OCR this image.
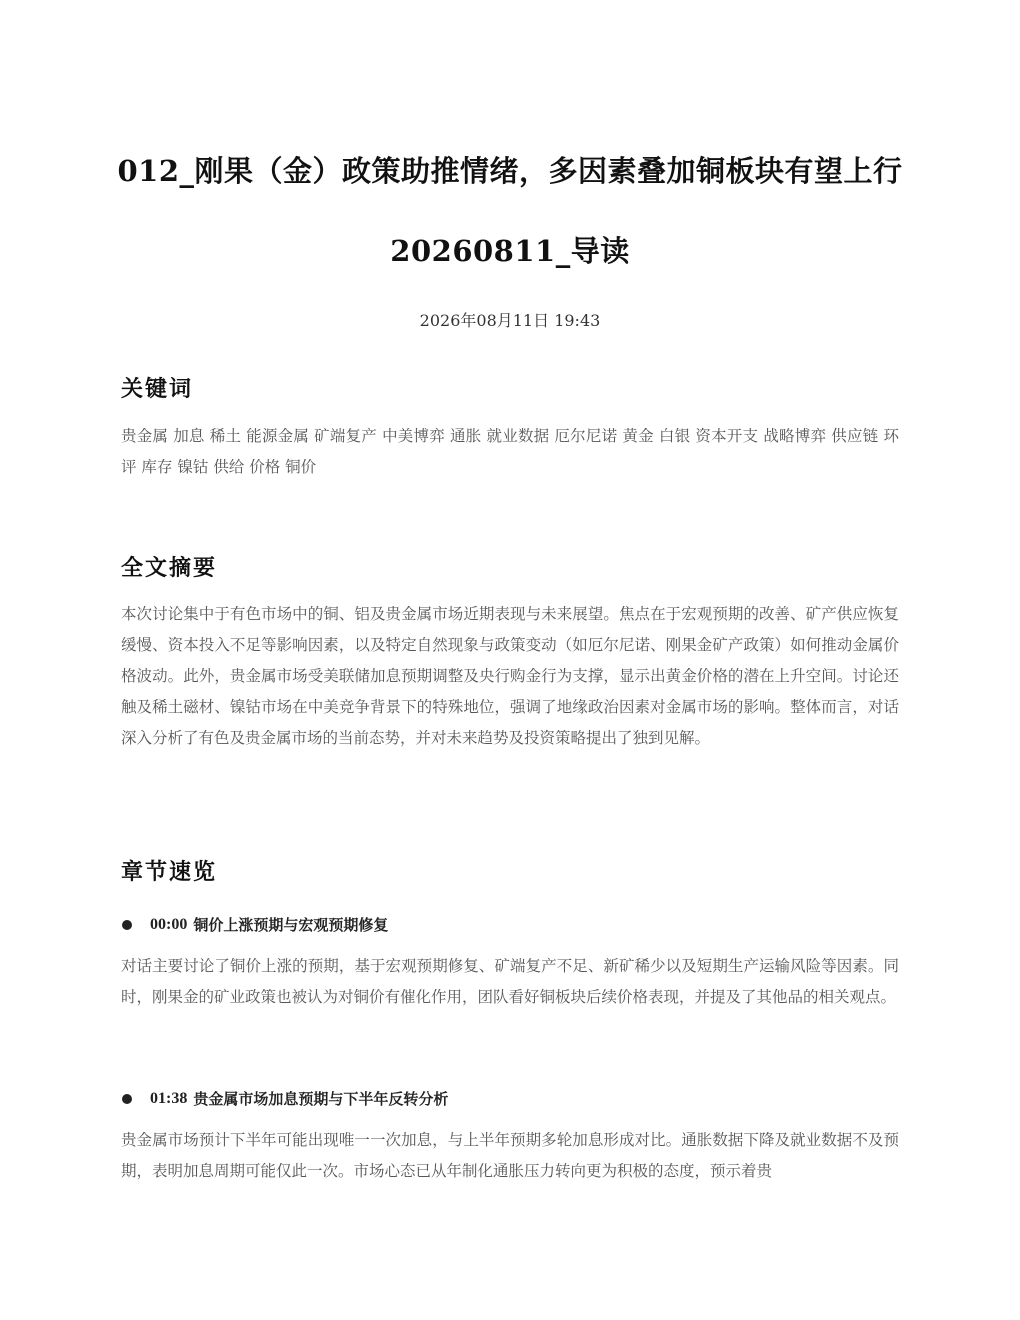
012_刚果（金）政策助推情绪，多因素叠加铜板块有望上行
20260811_导读
2026年08月11日 19:43
关键词

贵金属 加息 稀土 能源金属 矿端复产 中美博弈 通胀 就业数据 厄尔尼诺 黄金 白银 资本开支 战略博弈 供应链 环评 库存 镍钴 供给 价格 铜价

全文摘要

本次讨论集中于有色市场中的铜、铝及贵金属市场近期表现与未来展望。焦点在于宏观预期的改善、矿产供应恢复缓慢、资本投入不足等影响因素，以及特定自然现象与政策变动（如厄尔尼诺、刚果金矿产政策）如何推动金属价格波动。此外，贵金属市场受美联储加息预期调整及央行购金行为支撑，显示出黄金价格的潜在上升空间。讨论还触及稀土磁材、镍钴市场在中美竞争背景下的特殊地位，强调了地缘政治因素对金属市场的影响。整体而言，对话深入分析了有色及贵金属市场的当前态势，并对未来趋势及投资策略提出了独到见解。

章节速览
00:00 铜价上涨预期与宏观预期修复

对话主要讨论了铜价上涨的预期，基于宏观预期修复、矿端复产不足、新矿稀少以及短期生产运输风险等因素。同时，刚果金的矿业政策也被认为对铜价有催化作用，团队看好铜板块后续价格表现，并提及了其他品的相关观点。

01:38 贵金属市场加息预期与下半年反转分析

贵金属市场预计下半年可能出现唯一一次加息，与上半年预期多轮加息形成对比。通胀数据下降及就业数据不及预期，表明加息周期可能仅此一次。市场心态已从年制化通胀压力转向更为积极的态度，预示着贵
